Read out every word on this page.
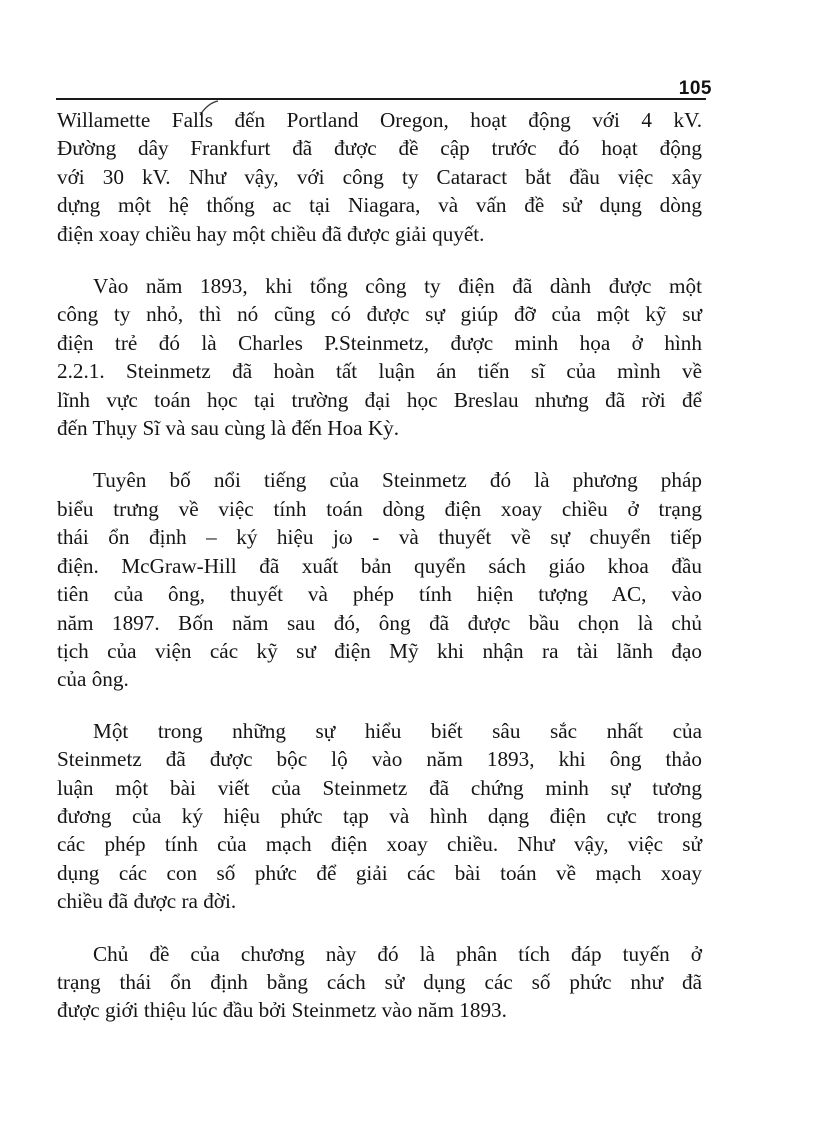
105

Willamette Falls đến Portland Oregon, hoạt động với 4 kV.
Đường dây Frankfurt đã được đề cập trước đó hoạt động
với 30 kV. Như vậy, với công ty Cataract bắt đầu việc xây
dựng một hệ thống ac tại Niagara, và vấn đề sử dụng dòng
điện xoay chiều hay một chiều đã được giải quyết.

Vào năm 1893, khi tổng công ty điện đã dành được một
công ty nhỏ, thì nó cũng có được sự giúp đỡ của một kỹ sư
điện trẻ đó là Charles P.Steinmetz, được minh họa ở hình
2.2.1. Steinmetz đã hoàn tất luận án tiến sĩ của mình về
lĩnh vực toán học tại trường đại học Breslau nhưng đã rời để
đến Thụy Sĩ và sau cùng là đến Hoa Kỳ.

Tuyên bố nổi tiếng của Steinmetz đó là phương pháp
biểu trưng về việc tính toán dòng điện xoay chiều ở trạng
thái ổn định – ký hiệu jω - và thuyết về sự chuyển tiếp
điện. McGraw-Hill đã xuất bản quyển sách giáo khoa đầu
tiên của ông, thuyết và phép tính hiện tượng AC, vào
năm 1897. Bốn năm sau đó, ông đã được bầu chọn là chủ
tịch của viện các kỹ sư điện Mỹ khi nhận ra tài lãnh đạo
của ông.

Một trong những sự hiểu biết sâu sắc nhất của
Steinmetz đã được bộc lộ vào năm 1893, khi ông thảo
luận một bài viết của Steinmetz đã chứng minh sự tương
đương của ký hiệu phức tạp và hình dạng điện cực trong
các phép tính của mạch điện xoay chiều. Như vậy, việc sử
dụng các con số phức để giải các bài toán về mạch xoay
chiều đã được ra đời.

Chủ đề của chương này đó là phân tích đáp tuyến ở
trạng thái ổn định bằng cách sử dụng các số phức như đã
được giới thiệu lúc đầu bởi Steinmetz vào năm 1893.
